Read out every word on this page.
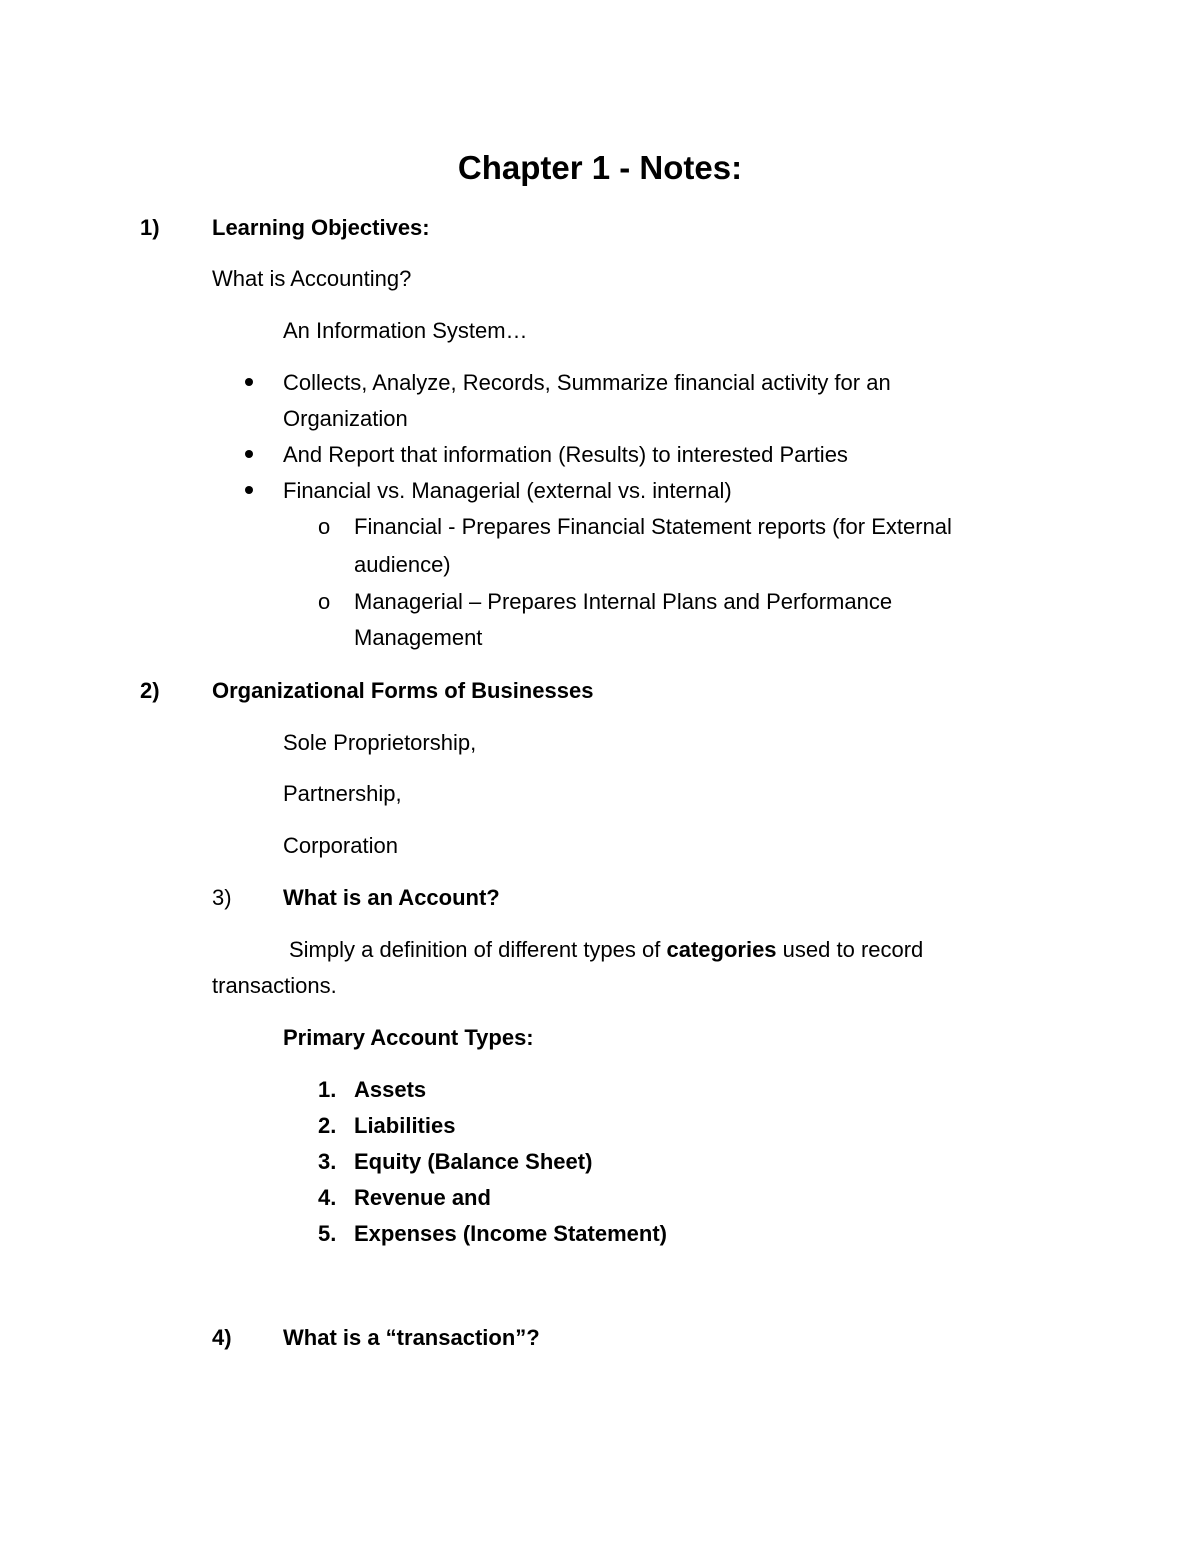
Chapter 1 - Notes:
1) Learning Objectives:
What is Accounting?
An Information System…
Collects, Analyze, Records, Summarize financial activity for an
Organization
And Report that information (Results) to interested Parties
Financial vs. Managerial (external vs. internal)
o Financial - Prepares Financial Statement reports (for External
audience)
o Managerial – Prepares Internal Plans and Performance
Management
2) Organizational Forms of Businesses
Sole Proprietorship,
Partnership,
Corporation
3) What is an Account?
Simply a definition of different types of categories used to record
transactions.
Primary Account Types:
1. Assets
2. Liabilities
3. Equity (Balance Sheet)
4. Revenue and
5. Expenses (Income Statement)
4) What is a “transaction”?
